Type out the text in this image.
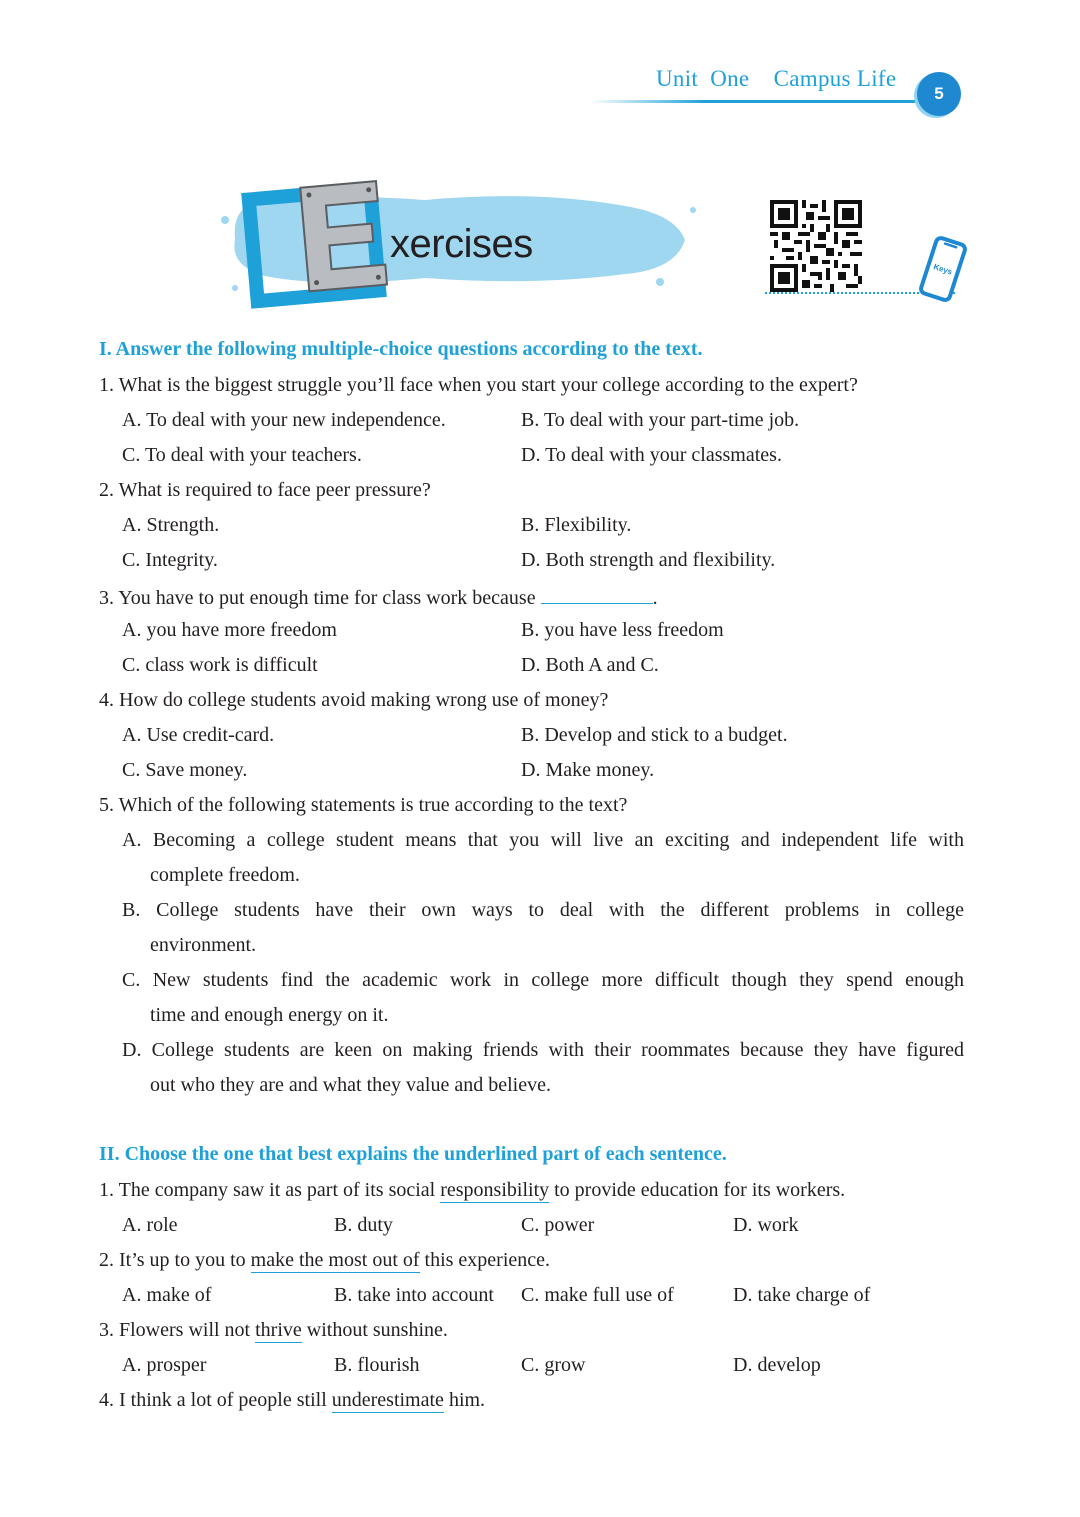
Unit  One    Campus Life
5
xercises
Keys
I. Answer the following multiple-choice questions according to the text.
1. What is the biggest struggle you’ll face when you start your college according to the expert?
A. To deal with your new independence.	B. To deal with your part-time job.
C. To deal with your teachers.	D. To deal with your classmates.
2. What is required to face peer pressure?
A. Strength.	B. Flexibility.
C. Integrity.	D. Both strength and flexibility.
3. You have to put enough time for class work because	.
A. you have more freedom	B. you have less freedom
C. class work is difficult	D. Both A and C.
4. How do college students avoid making wrong use of money?
A. Use credit-card.	B. Develop and stick to a budget.
C. Save money.	D. Make money.
5. Which of the following statements is true according to the text?
A. Becoming a college student means that you will live an exciting and independent life with
complete freedom.
B. College students have their own ways to deal with the different problems in college
environment.
C. New students find the academic work in college more difficult though they spend enough
time and enough energy on it.
D. College students are keen on making friends with their roommates because they have figured
out who they are and what they value and believe.
II. Choose the one that best explains the underlined part of each sentence.
1. The company saw it as part of its social responsibility to provide education for its workers.
A. role	B. duty	C. power	D. work
2. It’s up to you to make the most out of this experience.
A. make of	B. take into account C. make full use of	D. take charge of
3. Flowers will not thrive without sunshine.
A. prosper	B. flourish	C. grow	D. develop
4. I think a lot of people still underestimate him.
